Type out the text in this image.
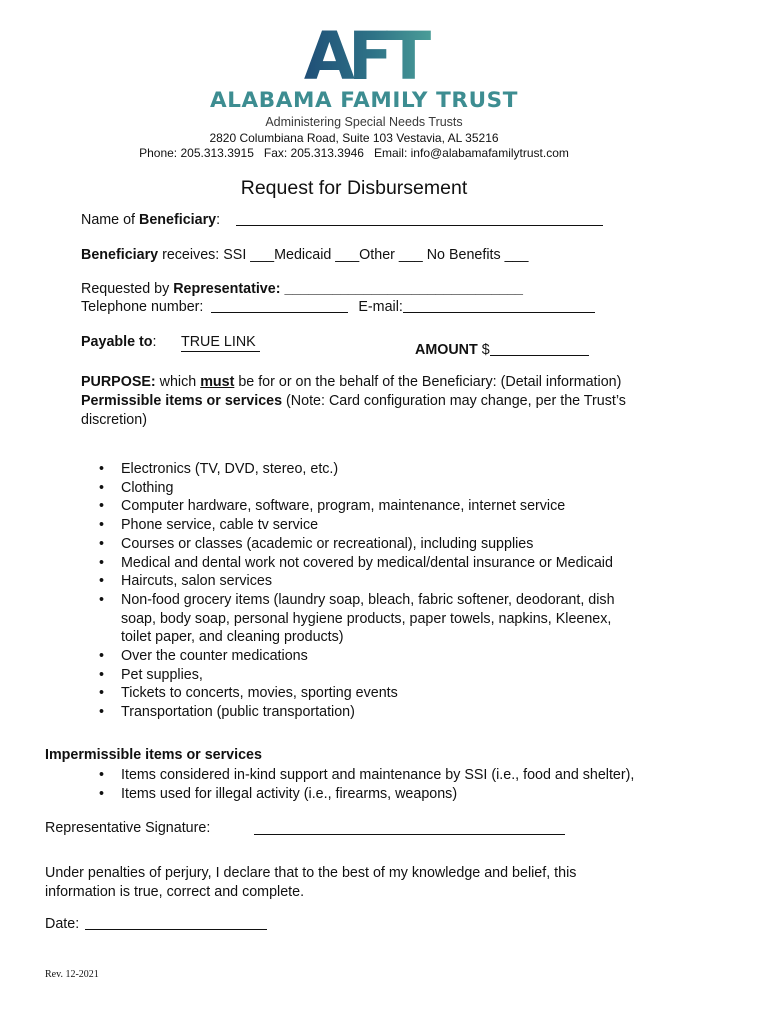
AFT
ALABAMA FAMILY TRUST
Administering Special Needs Trusts
2820 Columbiana Road, Suite 103 Vestavia, AL 35216
Phone: 205.313.3915   Fax: 205.313.3946   Email: info@alabamafamilytrust.com
Request for Disbursement
Name of Beneficiary:
Beneficiary receives: SSI ___Medicaid ___Other ___ No Benefits ___
Requested by Representative: ______________________________
Telephone number:	E-mail:
Payable to: TRUE LINK	AMOUNT $
PURPOSE: which must be for or on the behalf of the Beneficiary: (Detail information) Permissible items or services (Note: Card configuration may change, per the Trust’s discretion)
• Electronics (TV, DVD, stereo, etc.)
• Clothing
• Computer hardware, software, program, maintenance, internet service
• Phone service, cable tv service
• Courses or classes (academic or recreational), including supplies
• Medical and dental work not covered by medical/dental insurance or Medicaid
• Haircuts, salon services
• Non-food grocery items (laundry soap, bleach, fabric softener, deodorant, dish soap, body soap, personal hygiene products, paper towels, napkins, Kleenex, toilet paper, and cleaning products)
• Over the counter medications
• Pet supplies,
• Tickets to concerts, movies, sporting events
• Transportation (public transportation)
Impermissible items or services
• Items considered in-kind support and maintenance by SSI (i.e., food and shelter),
• Items used for illegal activity (i.e., firearms, weapons)
Representative Signature:
Under penalties of perjury, I declare that to the best of my knowledge and belief, this information is true, correct and complete.
Date:
Rev. 12-2021
